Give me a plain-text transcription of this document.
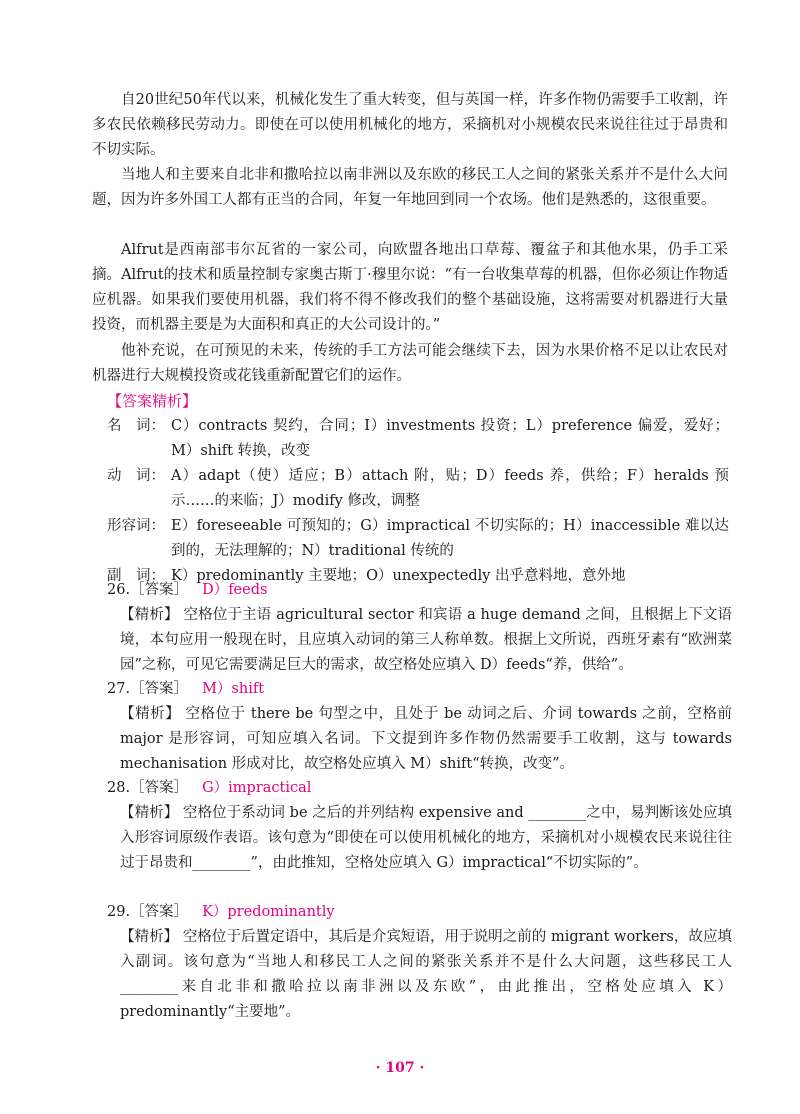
自20世纪50年代以来，机械化发生了重大转变，但与英国一样，许多作物仍需要手工收割，许多农民依赖移民劳动力。即使在可以使用机械化的地方，采摘机对小规模农民来说往往过于昂贵和不切实际。

当地人和主要来自北非和撒哈拉以南非洲以及东欧的移民工人之间的紧张关系并不是什么大问题，因为许多外国工人都有正当的合同，年复一年地回到同一个农场。他们是熟悉的，这很重要。

Alfrut是西南部韦尔瓦省的一家公司，向欧盟各地出口草莓、覆盆子和其他水果，仍手工采摘。Alfrut的技术和质量控制专家奥古斯丁·穆里尔说：“有一台收集草莓的机器，但你必须让作物适应机器。如果我们要使用机器，我们将不得不修改我们的整个基础设施，这将需要对机器进行大量投资，而机器主要是为大面积和真正的大公司设计的。”

他补充说，在可预见的未来，传统的手工方法可能会继续下去，因为水果价格不足以让农民对机器进行大规模投资或花钱重新配置它们的运作。

【答案精析】

名　词： C）contracts 契约，合同；I）investments 投资；L）preference 偏爱，爱好；M）shift 转换，改变
动　词： A）adapt（使）适应；B）attach 附，贴；D）feeds 养，供给；F）heralds 预示……的来临；J）modify 修改，调整
形容词： E）foreseeable 可预知的；G）impractical 不切实际的；H）inaccessible 难以达到的，无法理解的；N）traditional 传统的
副　词： K）predominantly 主要地；O）unexpectedly 出乎意料地，意外地
26.［答案］ D）feeds

【精析】 空格位于主语 agricultural sector 和宾语 a huge demand 之间，且根据上下文语境，本句应用一般现在时，且应填入动词的第三人称单数。根据上文所说，西班牙素有“欧洲菜园”之称，可见它需要满足巨大的需求，故空格处应填入 D）feeds“养，供给”。

27.［答案］ M）shift

【精析】 空格位于 there be 句型之中，且处于 be 动词之后、介词 towards 之前，空格前 major 是形容词，可知应填入名词。下文提到许多作物仍然需要手工收割，这与 towards mechanisation 形成对比，故空格处应填入 M）shift“转换，改变”。

28.［答案］ G）impractical

【精析】 空格位于系动词 be 之后的并列结构 expensive and ________之中，易判断该处应填入形容词原级作表语。该句意为“即使在可以使用机械化的地方，采摘机对小规模农民来说往往过于昂贵和________”，由此推知，空格处应填入 G）impractical“不切实际的”。

29.［答案］ K）predominantly

【精析】 空格位于后置定语中，其后是介宾短语，用于说明之前的 migrant workers，故应填入副词。该句意为“当地人和移民工人之间的紧张关系并不是什么大问题，这些移民工人________来自北非和撒哈拉以南非洲以及东欧”，由此推出，空格处应填入 K）predominantly“主要地”。

· 107 ·
